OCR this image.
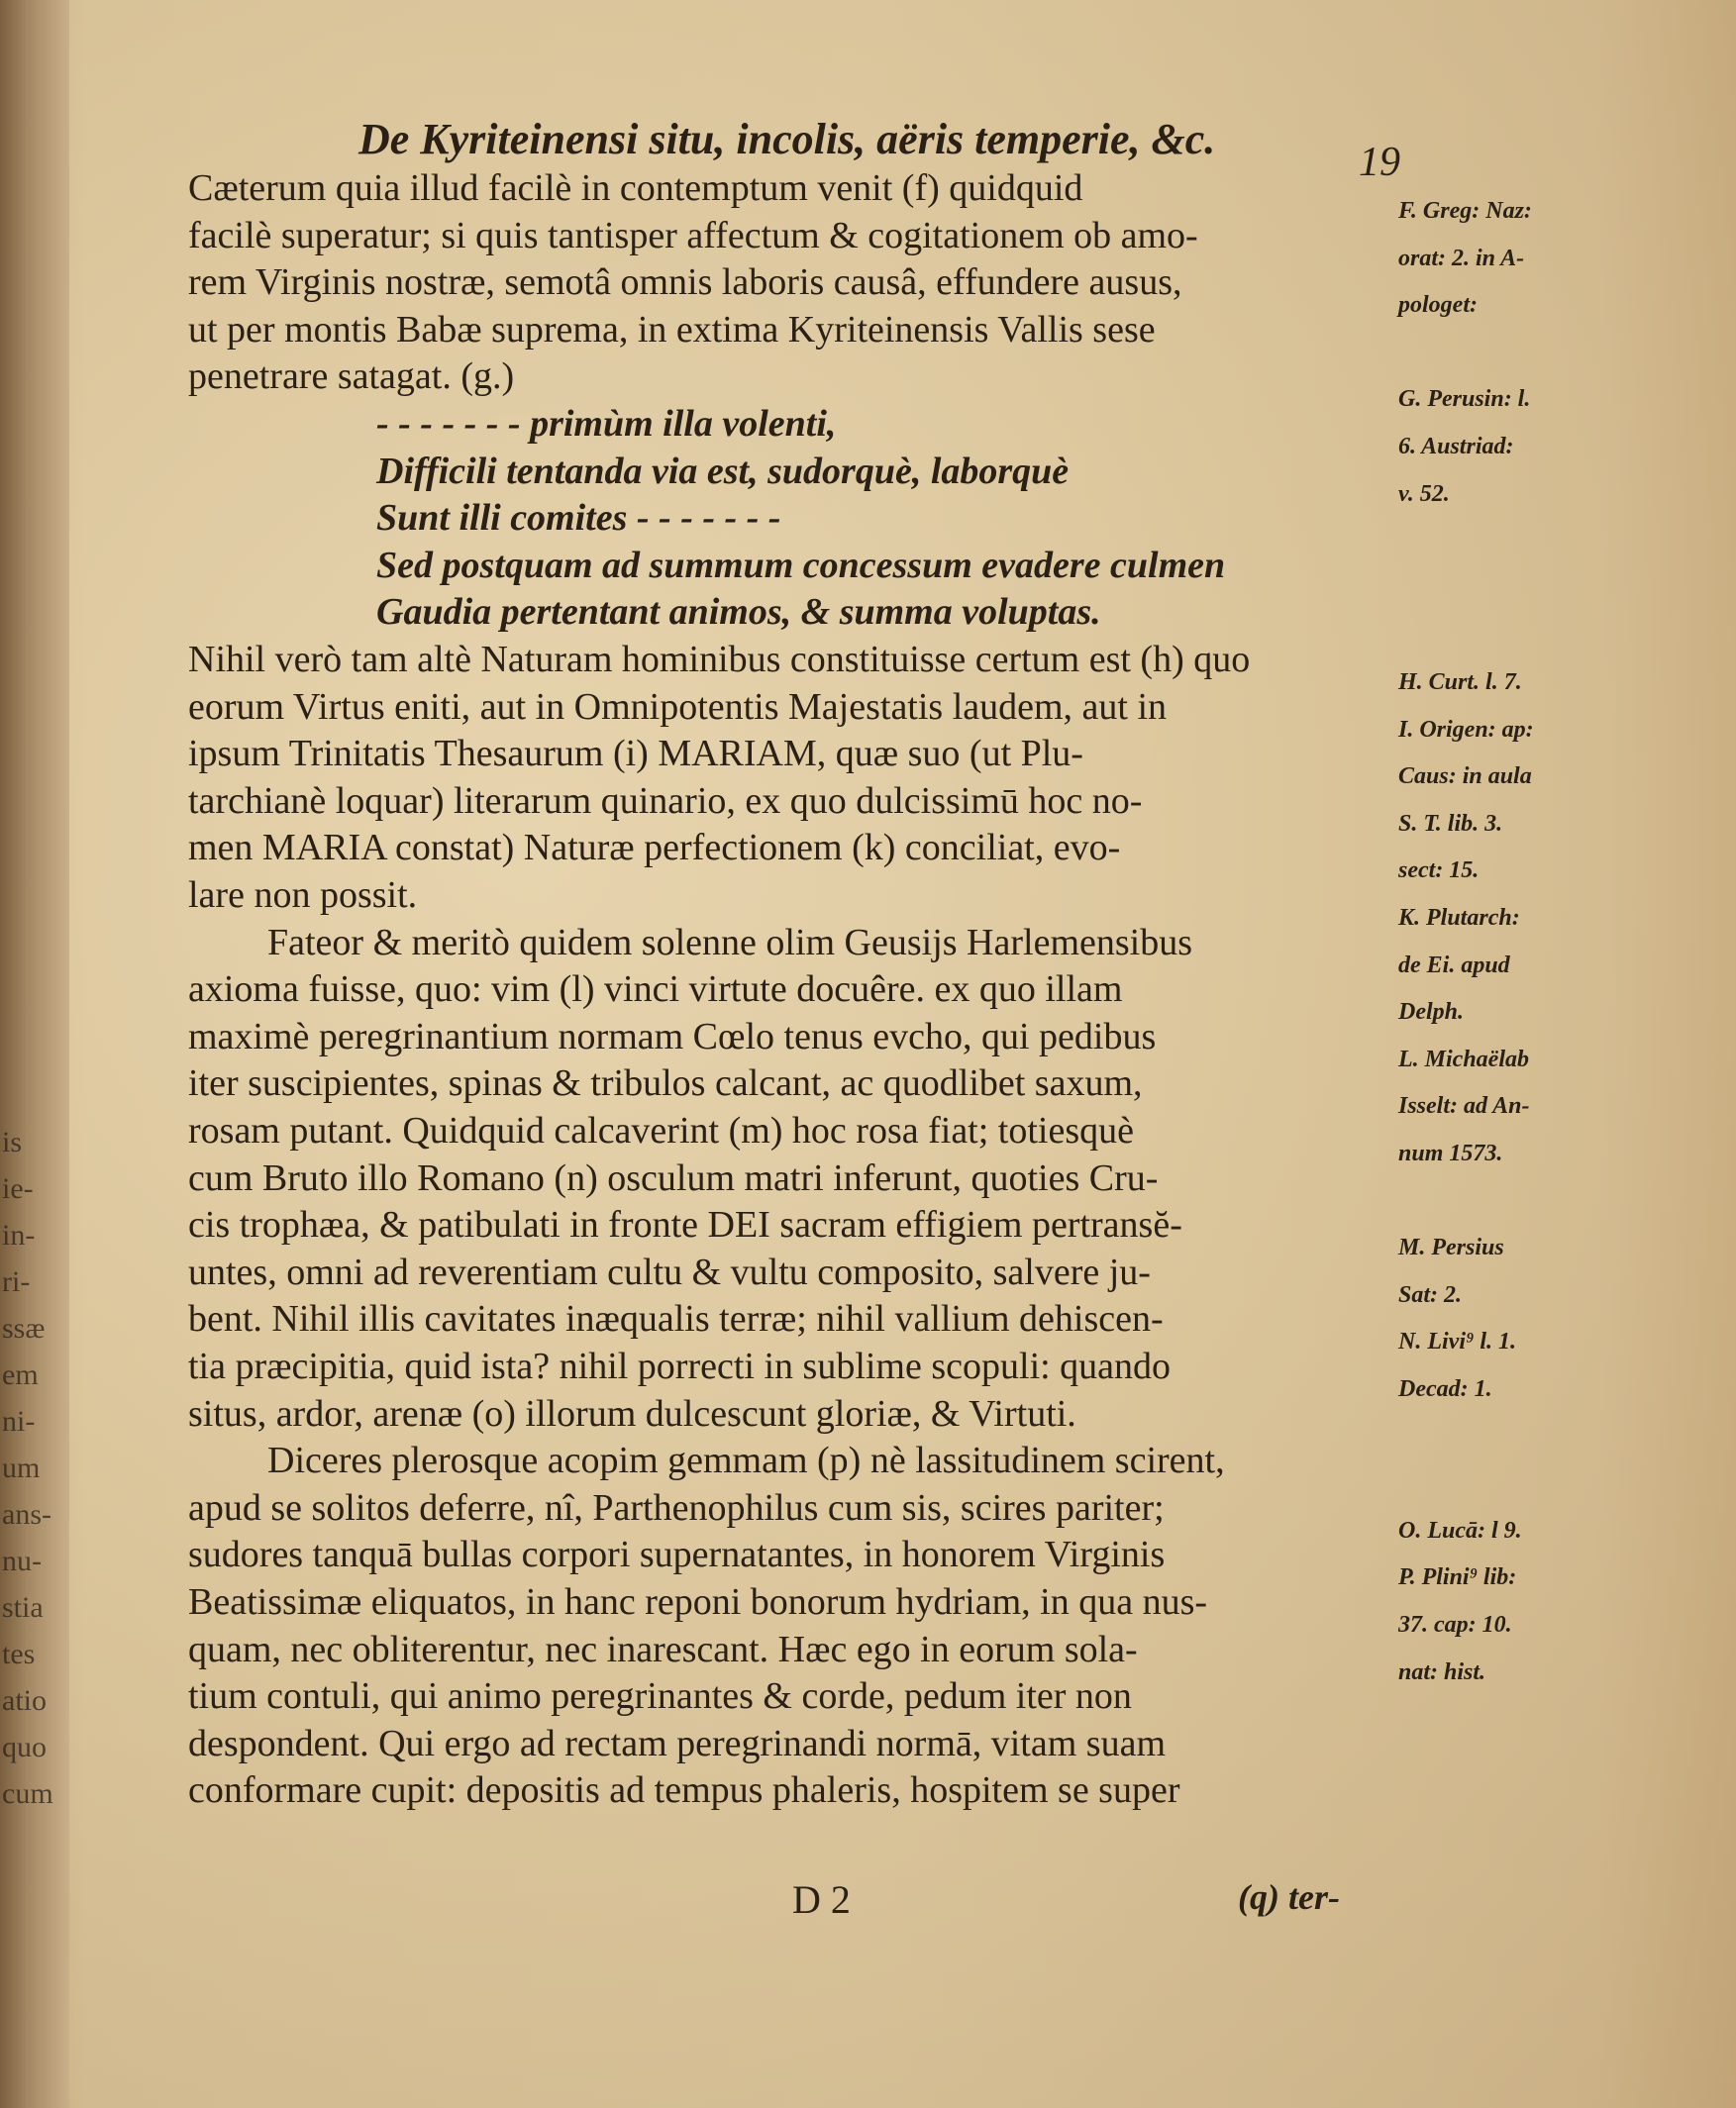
is
ie-
in-
ri-
ssæ
em
ni-
um
ans-
nu-
stia
tes
atio
quo
cum
De Kyriteinensi situ, incolis, aëris temperie, &c.	19
Cæterum quia illud facilè in contemptum venit (f) quidquid
facilè superatur; si quis tantisper affectum & cogitationem ob amo-
rem Virginis nostræ, semotâ omnis laboris causâ, effundere ausus,
ut per montis Babæ suprema, in extima Kyriteinensis Vallis sese
penetrare satagat. (g.)
- - - - - - - primùm illa volenti,
Difficili tentanda via est, sudorquè, laborquè
Sunt illi comites - - - - - - -
Sed postquam ad summum concessum evadere culmen
Gaudia pertentant animos, & summa voluptas.
Nihil verò tam altè Naturam hominibus constituisse certum est (h) quo
eorum Virtus eniti, aut in Omnipotentis Majestatis laudem, aut in
ipsum Trinitatis Thesaurum (i) MARIAM, quæ suo (ut Plu-
tarchianè loquar) literarum quinario, ex quo dulcissimū hoc no-
men MARIA constat) Naturæ perfectionem (k) conciliat, evo-
lare non possit.
Fateor & meritò quidem solenne olim Geusijs Harlemensibus
axioma fuisse, quo: vim (l) vinci virtute docuêre. ex quo illam
maximè peregrinantium normam Cœlo tenus evcho, qui pedibus
iter suscipientes, spinas & tribulos calcant, ac quodlibet saxum,
rosam putant. Quidquid calcaverint (m) hoc rosa fiat; totiesquè
cum Bruto illo Romano (n) osculum matri inferunt, quoties Cru-
cis trophæa, & patibulati in fronte DEI sacram effigiem pertransĕ-
untes, omni ad reverentiam cultu & vultu composito, salvere ju-
bent. Nihil illis cavitates inæqualis terræ; nihil vallium dehiscen-
tia præcipitia, quid ista? nihil porrecti in sublime scopuli: quando
situs, ardor, arenæ (o) illorum dulcescunt gloriæ, & Virtuti.
Diceres plerosque acopim gemmam (p) nè lassitudinem scirent,
apud se solitos deferre, nî, Parthenophilus cum sis, scires pariter;
sudores tanquā bullas corpori supernatantes, in honorem Virginis
Beatissimæ eliquatos, in hanc reponi bonorum hydriam, in qua nus-
quam, nec obliterentur, nec inarescant. Hæc ego in eorum sola-
tium contuli, qui animo peregrinantes & corde, pedum iter non
despondent. Qui ergo ad rectam peregrinandi normā, vitam suam
conformare cupit: depositis ad tempus phaleris, hospitem se super
F. Greg: Naz:
orat: 2. in A-
pologet:
G. Perusin: l.
6. Austriad:
v. 52.
H. Curt. l. 7.
I. Origen: ap:
Caus: in aula
S. T. lib. 3.
sect: 15.
K. Plutarch:
de Ei. apud
Delph.
L. Michaëlab
Isselt: ad An-
num 1573.
M. Persius
Sat: 2.
N. Livi⁹ l. 1.
Decad: 1.
O. Lucā: l 9.
P. Plini⁹ lib:
37. cap: 10.
nat: hist.
D 2	(q) ter-
